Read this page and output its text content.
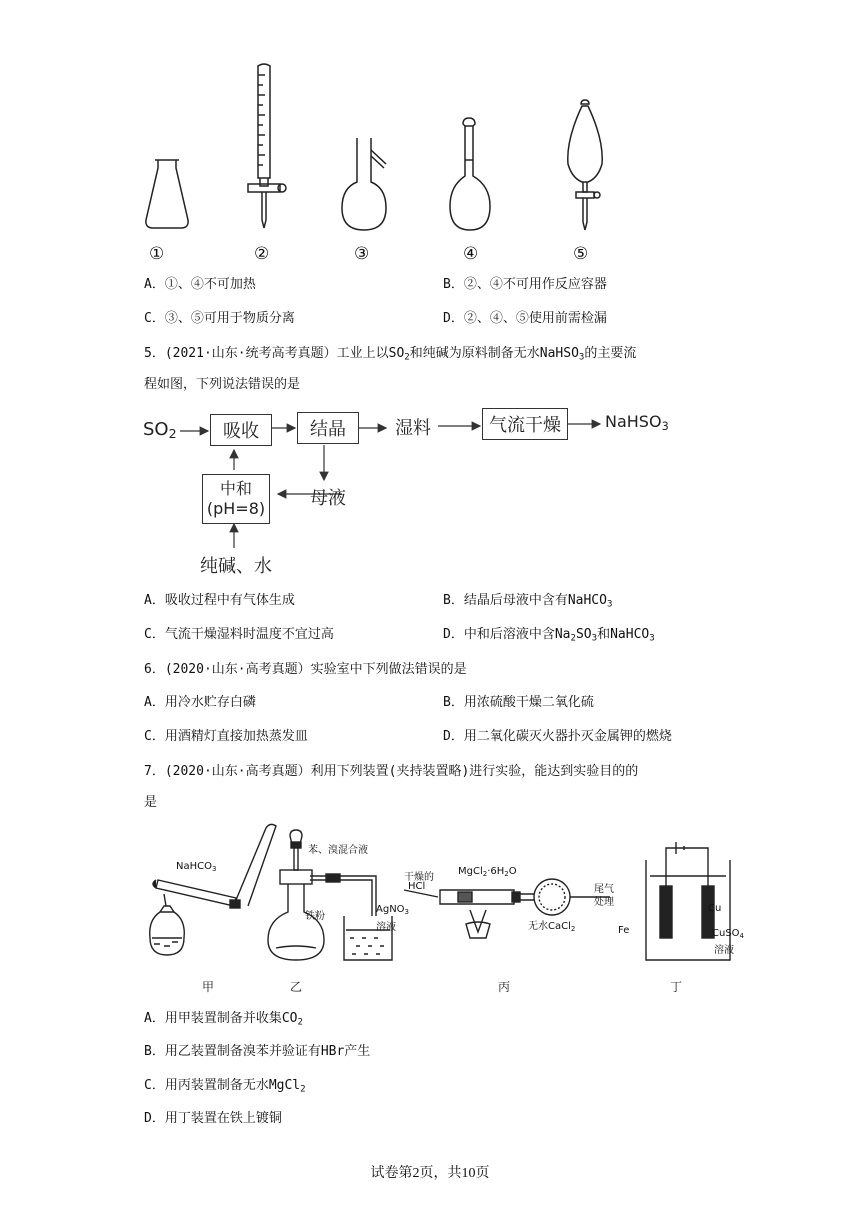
①	②	③	④	⑤
A．①、④不可加热	B．②、④不可用作反应容器
C．③、⑤可用于物质分离	D．②、④、⑤使用前需检漏
5．(2021·山东·统考高考真题）工业上以$SO_2$和纯碱为原料制备无水NaHSO$_3$的主要流
程如图，下列说法错误的是
$SO_2$	吸收	结晶	湿料	气流干燥	NaHSO$_3$
中和
(pH=8) 母液
纯碱、水
A．吸收过程中有气体生成	B．结晶后母液中含有NaHCO$_3$
C．气流干燥湿料时温度不宜过高	D．中和后溶液中含$Na_2SO_3$和NaHCO$_3$
6．(2020·山东·高考真题）实验室中下列做法错误的是
A．用冷水贮存白磷	B．用浓硫酸干燥二氧化硫
C．用酒精灯直接加热蒸发皿	D．用二氧化碳灭火器扑灭金属钾的燃烧
7．(2020·山东·高考真题）利用下列装置(夹持装置略)进行实验，能达到实验目的的
是
NaHCO$_3$
苯、溴混合液
铁粉
AgNO$_3$
溶液
干燥的
HCl
$MgCl_2\cdot 6H_2O$
无水CaCl$_2$
尾气
处理
Cu
Fe	CuSO$_4$
溶液
甲	乙	丙	丁
A．用甲装置制备并收集$CO_2$
B．用乙装置制备溴苯并验证有HBr产生
C．用丙装置制备无水MgCl$_2$
D．用丁装置在铁上镀铜
试卷第2页，共10页
